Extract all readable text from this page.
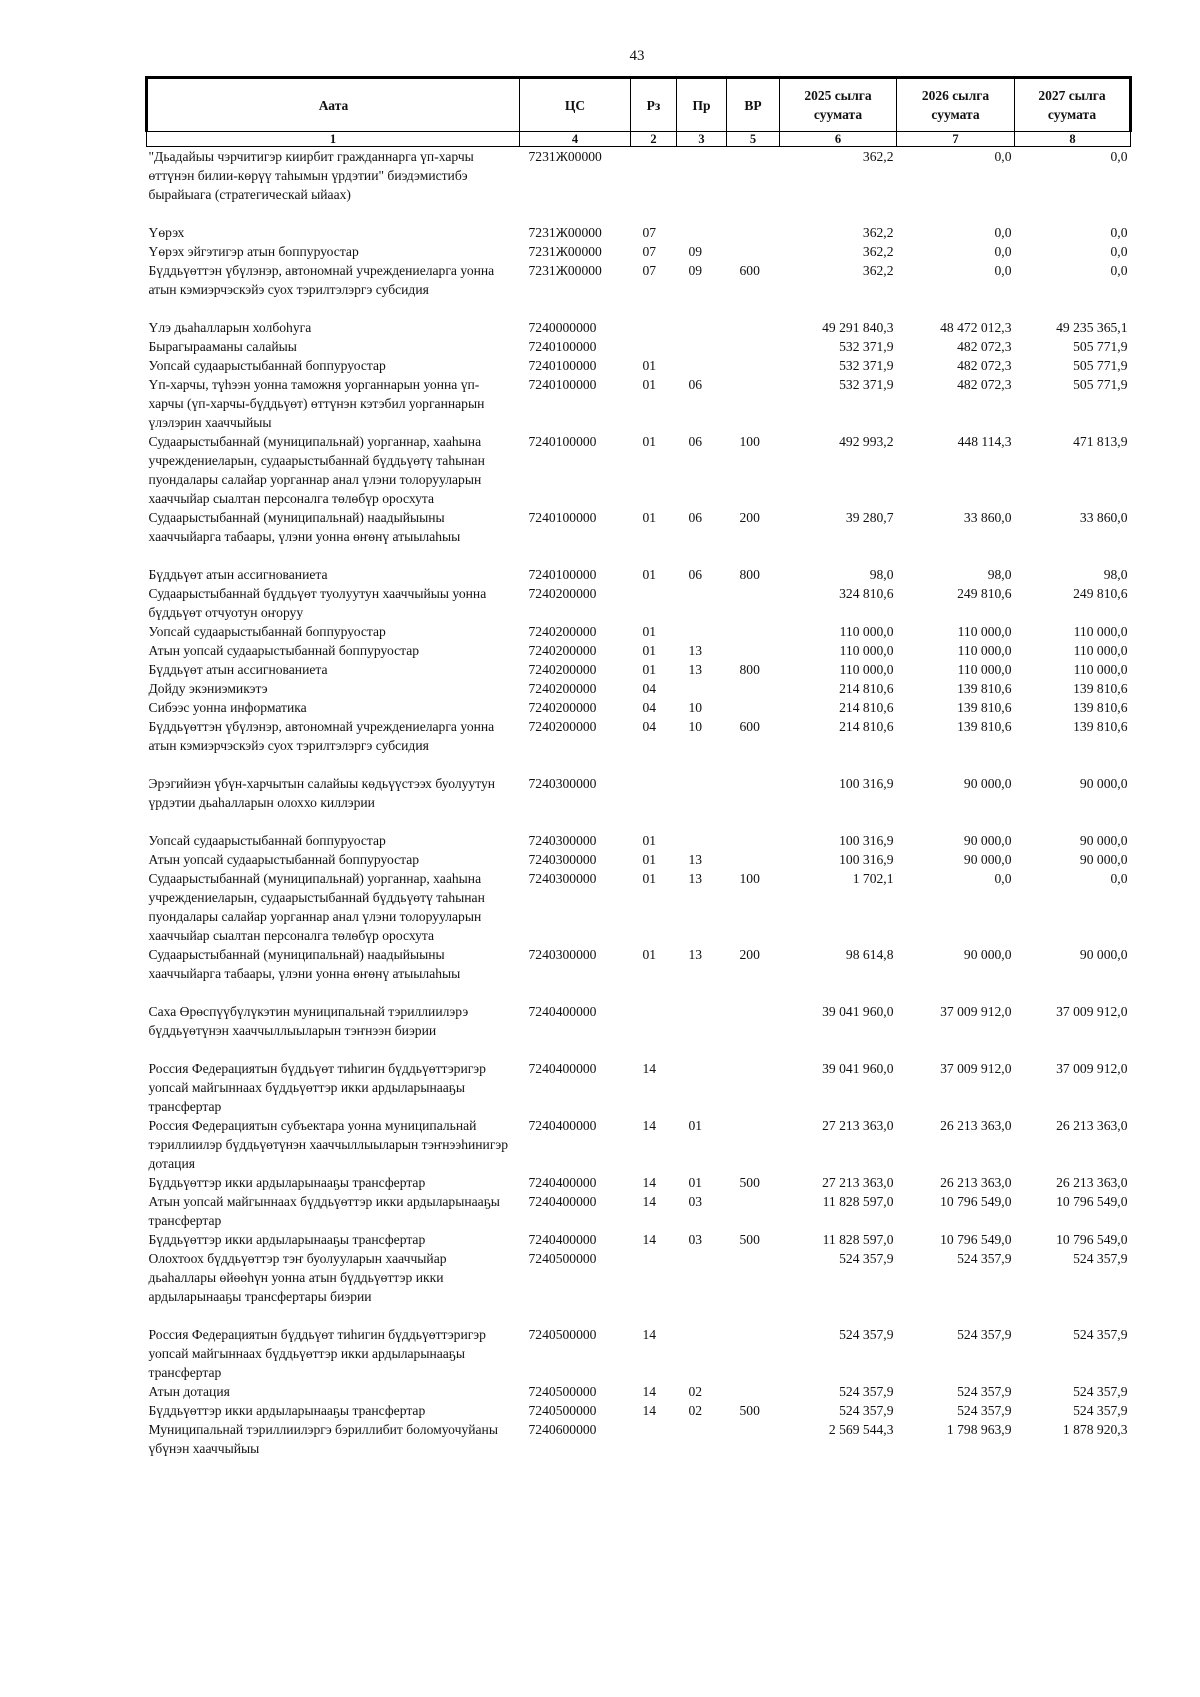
43
Аата	ЦС	Рз	Пр	ВР	2025 сылга суумата	2026 сылга суумата	2027 сылга суумата
1	4	2	3	5	6	7	8
"Дьадайыы чэрчитигэр киирбит гражданнарга үп-харчы өттүнэн билии-көрүү таһымын үрдэтии" биэдэмистибэ бырайыага (стратегическай ыйаах)	7231Ж00000				362,2	0,0	0,0
Үөрэх	7231Ж00000	07			362,2	0,0	0,0
Үөрэх эйгэтигэр атын боппуруостар	7231Ж00000	07	09		362,2	0,0	0,0
Бүддьүөттэн үбүлэнэр, автономнай учреждениеларга уонна атын кэмиэрчэскэйэ суох тэрилтэлэргэ субсидия	7231Ж00000	07	09	600	362,2	0,0	0,0
Үлэ дьаһалларын холбоһуга	7240000000				49 291 840,3	48 472 012,3	49 235 365,1
Бырагырааманы салайыы	7240100000				532 371,9	482 072,3	505 771,9
Уопсай судаарыстыбаннай боппуруостар	7240100000	01			532 371,9	482 072,3	505 771,9
Үп-харчы, түһээн уонна таможня уорганнарын уонна үп-харчы (үп-харчы-бүддьүөт) өттүнэн кэтэбил уорганнарын үлэлэрин хааччыйыы	7240100000	01	06		532 371,9	482 072,3	505 771,9
Судаарыстыбаннай (муниципальнай) уорганнар, хааһына учреждениеларын, судаарыстыбаннай бүддьүөтү таһынан пуондалары салайар уорганнар анал үлэни толорууларын хааччыйар сыалтан персоналга төлөбүр оросхута	7240100000	01	06	100	492 993,2	448 114,3	471 813,9
Судаарыстыбаннай (муниципальнай) наадыйыыны хааччыйарга табаары, үлэни уонна өҥөнү атыылаһыы	7240100000	01	06	200	39 280,7	33 860,0	33 860,0
Бүддьүөт атын ассигнованиета	7240100000	01	06	800	98,0	98,0	98,0
Судаарыстыбаннай бүддьүөт туолуутун хааччыйыы уонна бүддьүөт отчуотун оҥоруу	7240200000				324 810,6	249 810,6	249 810,6
Уопсай судаарыстыбаннай боппуруостар	7240200000	01			110 000,0	110 000,0	110 000,0
Атын уопсай судаарыстыбаннай боппуруостар	7240200000	01	13		110 000,0	110 000,0	110 000,0
Бүддьүөт атын ассигнованиета	7240200000	01	13	800	110 000,0	110 000,0	110 000,0
Дойду экэниэмикэтэ	7240200000	04			214 810,6	139 810,6	139 810,6
Сибээс уонна информатика	7240200000	04	10		214 810,6	139 810,6	139 810,6
Бүддьүөттэн үбүлэнэр, автономнай учреждениеларга уонна атын кэмиэрчэскэйэ суох тэрилтэлэргэ субсидия	7240200000	04	10	600	214 810,6	139 810,6	139 810,6
Эрэгийиэн үбүн-харчытын салайыы көдьүүстээх буолуутун үрдэтии дьаһалларын олоххо киллэрии	7240300000				100 316,9	90 000,0	90 000,0
Уопсай судаарыстыбаннай боппуруостар	7240300000	01			100 316,9	90 000,0	90 000,0
Атын уопсай судаарыстыбаннай боппуруостар	7240300000	01	13		100 316,9	90 000,0	90 000,0
Судаарыстыбаннай (муниципальнай) уорганнар, хааһына учреждениеларын, судаарыстыбаннай бүддьүөтү таһынан пуондалары салайар уорганнар анал үлэни толорууларын хааччыйар сыалтан персоналга төлөбүр оросхута	7240300000	01	13	100	1 702,1	0,0	0,0
Судаарыстыбаннай (муниципальнай) наадыйыыны хааччыйарга табаары, үлэни уонна өҥөнү атыылаһыы	7240300000	01	13	200	98 614,8	90 000,0	90 000,0
Саха Өрөспүүбүлүкэтин муниципальнай тэриллиилэрэ бүддьүөтүнэн хааччыллыыларын тэҥнээн биэрии	7240400000				39 041 960,0	37 009 912,0	37 009 912,0
Россия Федерациятын бүддьүөт тиһигин бүддьүөттэригэр уопсай майгыннаах бүддьүөттэр икки ардыларынааҕы трансфертар	7240400000	14			39 041 960,0	37 009 912,0	37 009 912,0
Россия Федерациятын субъектара уонна муниципальнай тэриллиилэр бүддьүөтүнэн хааччыллыыларын тэҥнээһинигэр дотация	7240400000	14	01		27 213 363,0	26 213 363,0	26 213 363,0
Бүддьүөттэр икки ардыларынааҕы трансфертар	7240400000	14	01	500	27 213 363,0	26 213 363,0	26 213 363,0
Атын уопсай майгыннаах бүддьүөттэр икки ардыларынааҕы трансфертар	7240400000	14	03		11 828 597,0	10 796 549,0	10 796 549,0
Бүддьүөттэр икки ардыларынааҕы трансфертар	7240400000	14	03	500	11 828 597,0	10 796 549,0	10 796 549,0
Олохтоох бүддьүөттэр тэҥ буолууларын хааччыйар дьаһаллары өйөөһүн уонна атын бүддьүөттэр икки ардыларынааҕы трансфертары биэрии	7240500000				524 357,9	524 357,9	524 357,9
Россия Федерациятын бүддьүөт тиһигин бүддьүөттэригэр уопсай майгыннаах бүддьүөттэр икки ардыларынааҕы трансфертар	7240500000	14			524 357,9	524 357,9	524 357,9
Атын дотация	7240500000	14	02		524 357,9	524 357,9	524 357,9
Бүддьүөттэр икки ардыларынааҕы трансфертар	7240500000	14	02	500	524 357,9	524 357,9	524 357,9
Муниципальнай тэриллиилэргэ бэриллибит боломуочуйаны үбүнэн хааччыйыы	7240600000				2 569 544,3	1 798 963,9	1 878 920,3
